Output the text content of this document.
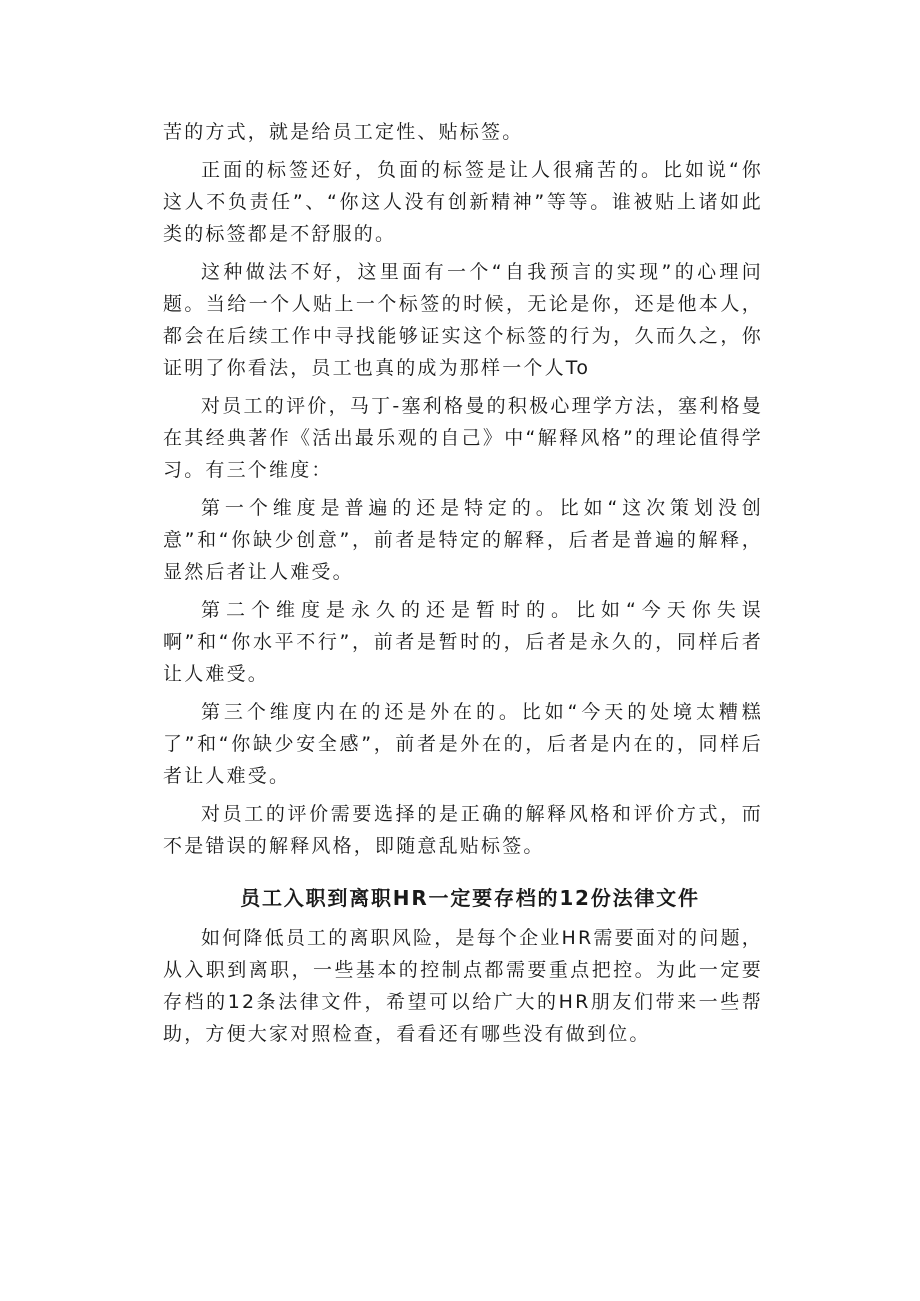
苦的方式，就是给员工定性、贴标签。

正面的标签还好，负面的标签是让人很痛苦的。比如说“你这人不负责任”、“你这人没有创新精神”等等。谁被贴上诸如此类的标签都是不舒服的。

这种做法不好，这里面有一个“自我预言的实现”的心理问题。当给一个人贴上一个标签的时候，无论是你，还是他本人，都会在后续工作中寻找能够证实这个标签的行为，久而久之，你证明了你看法，员工也真的成为那样一个人To

对员工的评价，马丁-塞利格曼的积极心理学方法，塞利格曼在其经典著作《活出最乐观的自己》中“解释风格”的理论值得学习。有三个维度：

第一个维度是普遍的还是特定的。比如“这次策划没创意”和“你缺少创意”，前者是特定的解释，后者是普遍的解释，显然后者让人难受。

第二个维度是永久的还是暂时的。比如“今天你失误啊”和“你水平不行”，前者是暂时的，后者是永久的，同样后者让人难受。

第三个维度内在的还是外在的。比如“今天的处境太糟糕了”和“你缺少安全感”，前者是外在的，后者是内在的，同样后者让人难受。

对员工的评价需要选择的是正确的解释风格和评价方式，而不是错误的解释风格，即随意乱贴标签。

员工入职到离职HR一定要存档的12份法律文件

如何降低员工的离职风险，是每个企业HR需要面对的问题，从入职到离职，一些基本的控制点都需要重点把控。为此一定要存档的12条法律文件，希望可以给广大的HR朋友们带来一些帮助，方便大家对照检查，看看还有哪些没有做到位。
